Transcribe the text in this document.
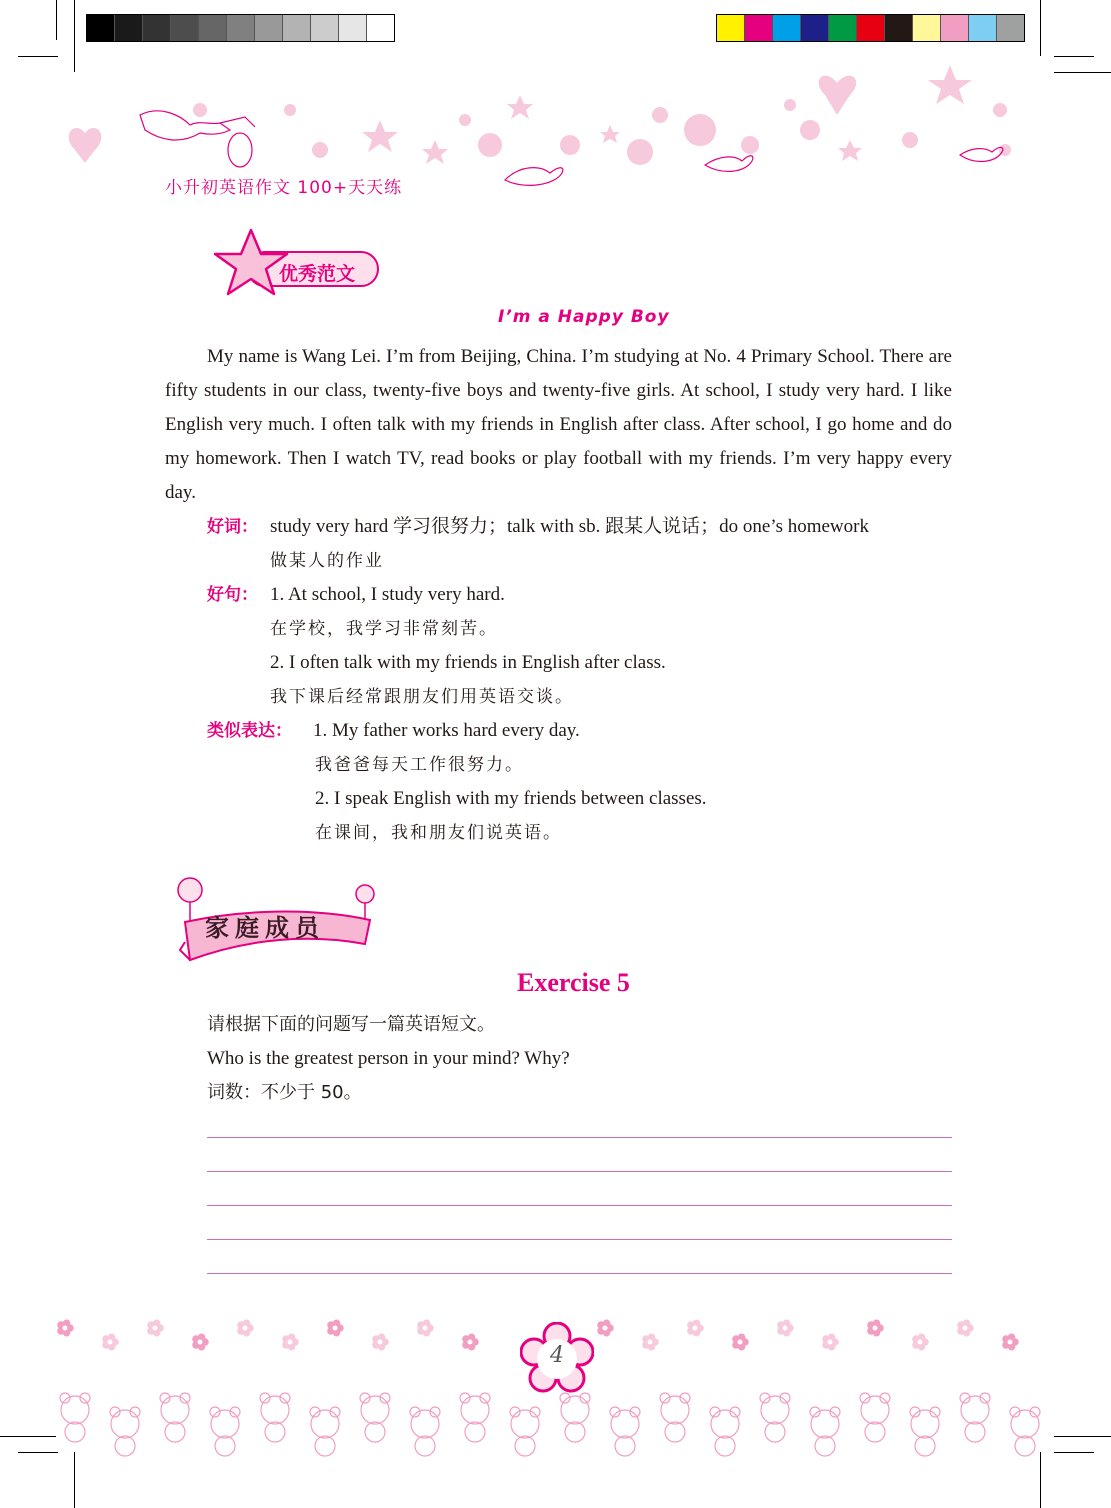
小升初英语作文 100+天天练
优秀范文
I’m a Happy Boy

My name is Wang Lei. I’m from Beijing, China. I’m studying at No. 4 Primary School. There are fifty students in our class, twenty-five boys and twenty-five girls. At school, I study very hard. I like English very much. I often talk with my friends in English after class. After school, I go home and do my homework. Then I watch TV, read books or play football with my friends. I’m very happy every day.

好词： study very hard 学习很努力；talk with sb. 跟某人说话；do one’s homework
做某人的作业
好句： 1. At school, I study very hard.
在学校，我学习非常刻苦。
2. I often talk with my friends in English after class.
我下课后经常跟朋友们用英语交谈。
类似表达： 1. My father works hard every day.
我爸爸每天工作很努力。
2. I speak English with my friends between classes.
在课间，我和朋友们说英语。
家庭成员
Exercise 5
请根据下面的问题写一篇英语短文。
Who is the greatest person in your mind? Why?
词数：不少于 50。
4
